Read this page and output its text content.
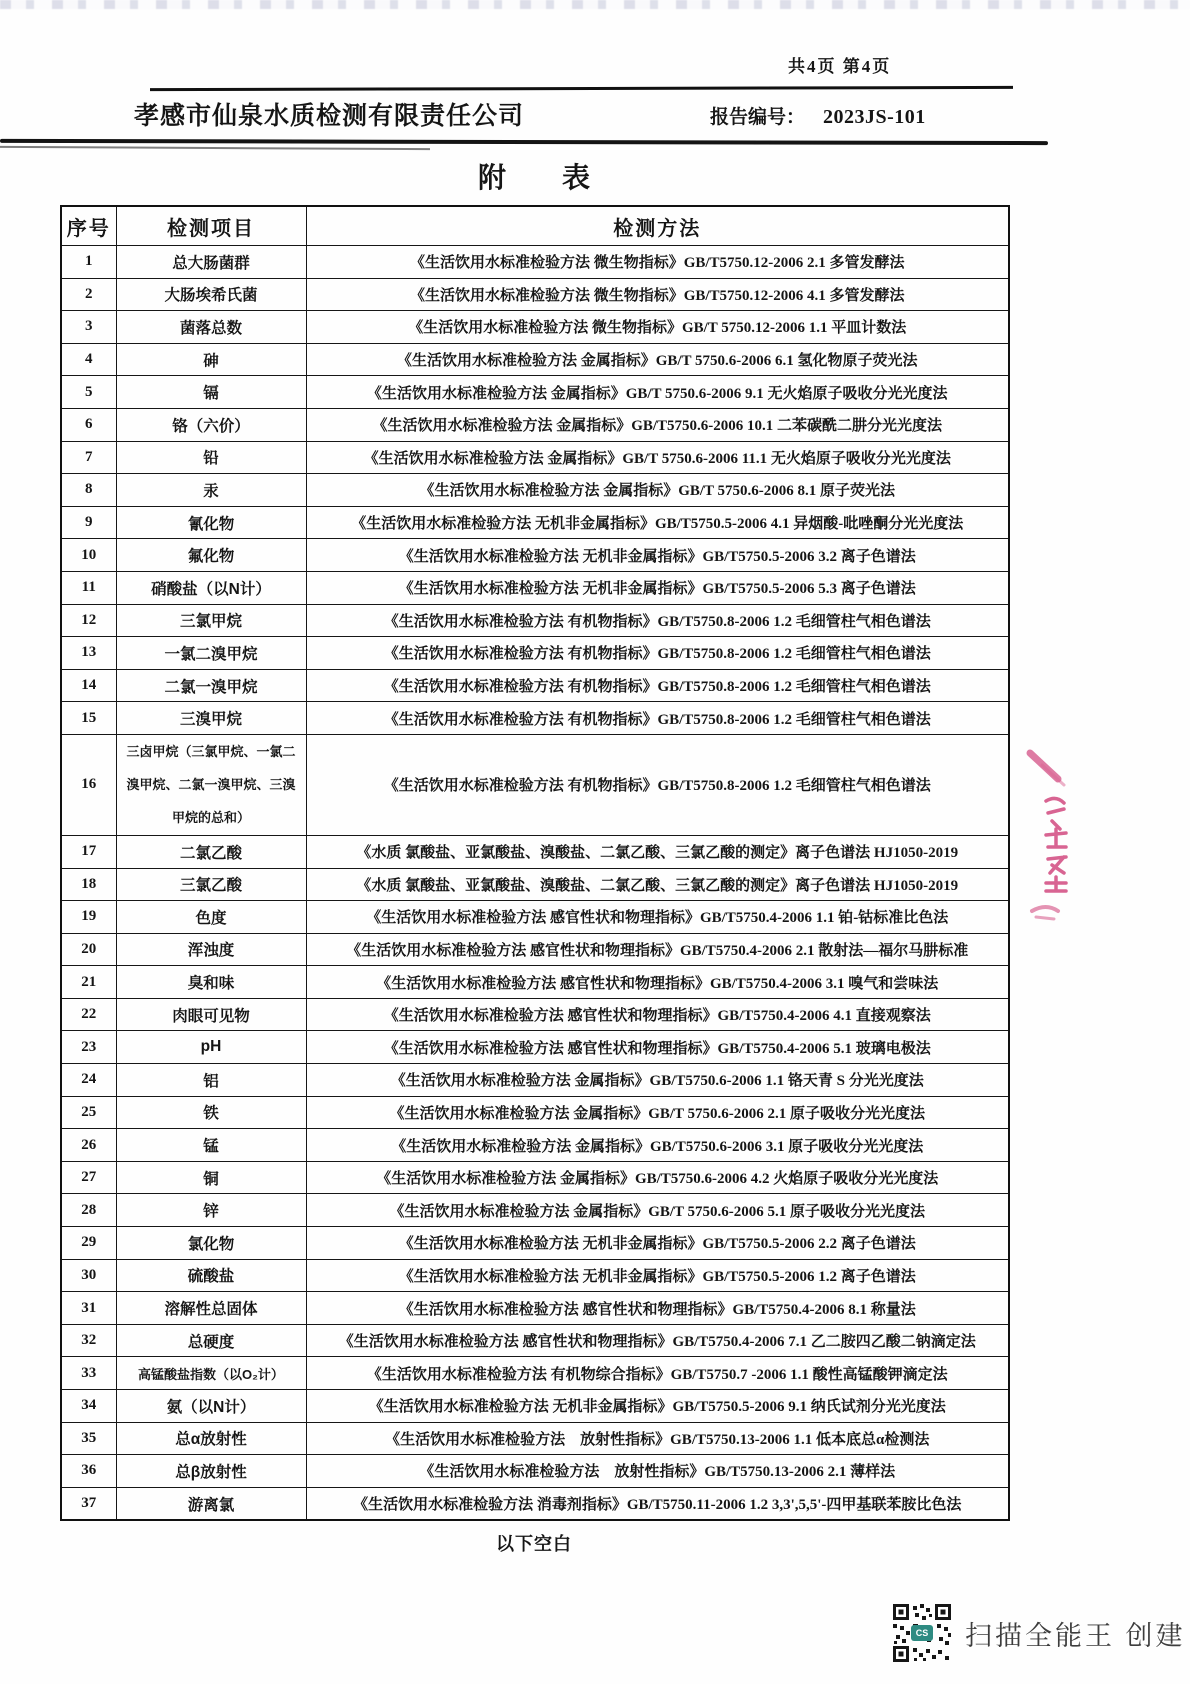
共4页 第4页
孝感市仙泉水质检测有限责任公司	报告编号： 2023JS-101
附　　表
序号	检测项目	检测方法
1	总大肠菌群	《生活饮用水标准检验方法 微生物指标》GB/T5750.12-2006 2.1 多管发酵法
2	大肠埃希氏菌	《生活饮用水标准检验方法 微生物指标》GB/T5750.12-2006 4.1 多管发酵法
3	菌落总数	《生活饮用水标准检验方法 微生物指标》GB/T 5750.12-2006 1.1 平皿计数法
4	砷	《生活饮用水标准检验方法 金属指标》GB/T 5750.6-2006 6.1 氢化物原子荧光法
5	镉	《生活饮用水标准检验方法 金属指标》GB/T 5750.6-2006 9.1 无火焰原子吸收分光光度法
6	铬（六价）	《生活饮用水标准检验方法 金属指标》GB/T5750.6-2006 10.1 二苯碳酰二肼分光光度法
7	铅	《生活饮用水标准检验方法 金属指标》GB/T 5750.6-2006 11.1 无火焰原子吸收分光光度法
8	汞	《生活饮用水标准检验方法 金属指标》GB/T 5750.6-2006 8.1 原子荧光法
9	氰化物	《生活饮用水标准检验方法 无机非金属指标》GB/T5750.5-2006 4.1 异烟酸-吡唑酮分光光度法
10	氟化物	《生活饮用水标准检验方法 无机非金属指标》GB/T5750.5-2006 3.2 离子色谱法
11	硝酸盐（以N计）	《生活饮用水标准检验方法 无机非金属指标》GB/T5750.5-2006 5.3 离子色谱法
12	三氯甲烷	《生活饮用水标准检验方法 有机物指标》GB/T5750.8-2006 1.2 毛细管柱气相色谱法
13	一氯二溴甲烷	《生活饮用水标准检验方法 有机物指标》GB/T5750.8-2006 1.2 毛细管柱气相色谱法
14	二氯一溴甲烷	《生活饮用水标准检验方法 有机物指标》GB/T5750.8-2006 1.2 毛细管柱气相色谱法
15	三溴甲烷	《生活饮用水标准检验方法 有机物指标》GB/T5750.8-2006 1.2 毛细管柱气相色谱法
16	三卤甲烷（三氯甲烷、一氯二溴甲烷、二氯一溴甲烷、三溴甲烷的总和）	《生活饮用水标准检验方法 有机物指标》GB/T5750.8-2006 1.2 毛细管柱气相色谱法
17	二氯乙酸	《水质 氯酸盐、亚氯酸盐、溴酸盐、二氯乙酸、三氯乙酸的测定》离子色谱法 HJ1050-2019
18	三氯乙酸	《水质 氯酸盐、亚氯酸盐、溴酸盐、二氯乙酸、三氯乙酸的测定》离子色谱法 HJ1050-2019
19	色度	《生活饮用水标准检验方法 感官性状和物理指标》GB/T5750.4-2006 1.1 铂-钴标准比色法
20	浑浊度	《生活饮用水标准检验方法 感官性状和物理指标》GB/T5750.4-2006 2.1 散射法—福尔马肼标准
21	臭和味	《生活饮用水标准检验方法 感官性状和物理指标》GB/T5750.4-2006 3.1 嗅气和尝味法
22	肉眼可见物	《生活饮用水标准检验方法 感官性状和物理指标》GB/T5750.4-2006 4.1 直接观察法
23	pH	《生活饮用水标准检验方法 感官性状和物理指标》GB/T5750.4-2006 5.1 玻璃电极法
24	铝	《生活饮用水标准检验方法 金属指标》GB/T5750.6-2006 1.1 铬天青 S 分光光度法
25	铁	《生活饮用水标准检验方法 金属指标》GB/T 5750.6-2006 2.1 原子吸收分光光度法
26	锰	《生活饮用水标准检验方法 金属指标》GB/T5750.6-2006 3.1 原子吸收分光光度法
27	铜	《生活饮用水标准检验方法 金属指标》GB/T5750.6-2006 4.2 火焰原子吸收分光光度法
28	锌	《生活饮用水标准检验方法 金属指标》GB/T 5750.6-2006 5.1 原子吸收分光光度法
29	氯化物	《生活饮用水标准检验方法 无机非金属指标》GB/T5750.5-2006 2.2 离子色谱法
30	硫酸盐	《生活饮用水标准检验方法 无机非金属指标》GB/T5750.5-2006 1.2 离子色谱法
31	溶解性总固体	《生活饮用水标准检验方法 感官性状和物理指标》GB/T5750.4-2006 8.1 称量法
32	总硬度	《生活饮用水标准检验方法 感官性状和物理指标》GB/T5750.4-2006 7.1 乙二胺四乙酸二钠滴定法
33	高锰酸盐指数（以O₂计）	《生活饮用水标准检验方法 有机物综合指标》GB/T5750.7 -2006 1.1 酸性高锰酸钾滴定法
34	氨（以N计）	《生活饮用水标准检验方法 无机非金属指标》GB/T5750.5-2006 9.1 纳氏试剂分光光度法
35	总α放射性	《生活饮用水标准检验方法　放射性指标》GB/T5750.13-2006 1.1 低本底总α检测法
36	总β放射性	《生活饮用水标准检验方法　放射性指标》GB/T5750.13-2006 2.1 薄样法
37	游离氯	《生活饮用水标准检验方法 消毒剂指标》GB/T5750.11-2006 1.2 3,3',5,5'-四甲基联苯胺比色法
以下空白
CS 扫描全能王 创建
